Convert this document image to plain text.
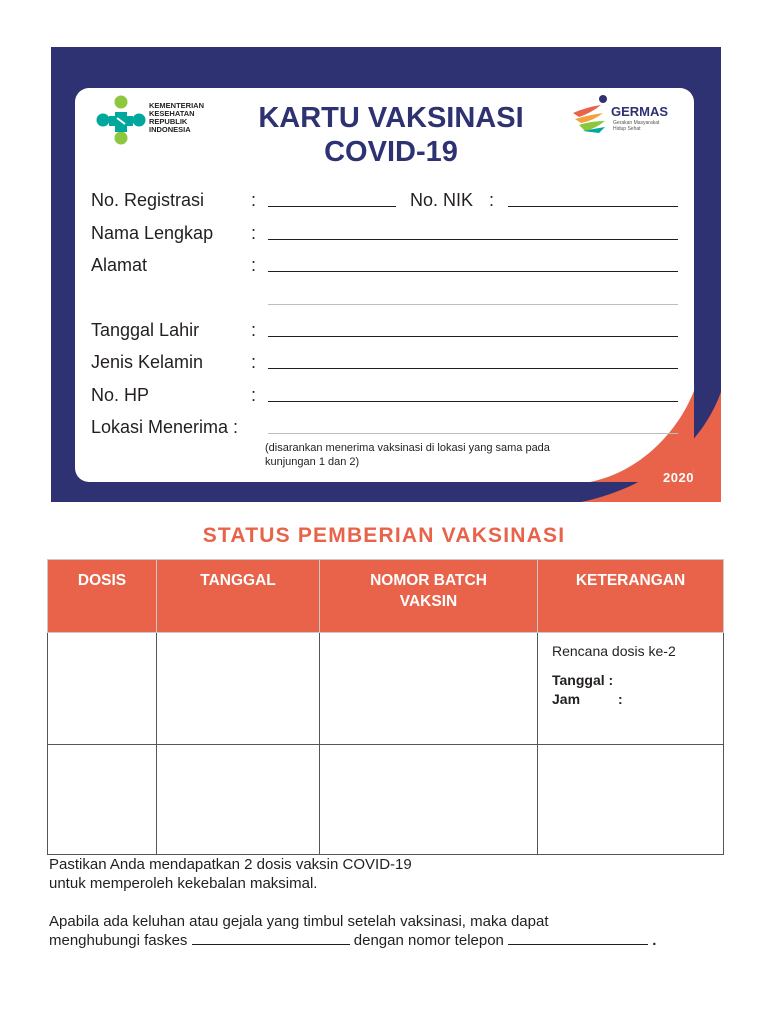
KEMENTERIAN
KESEHATAN
REPUBLIK
INDONESIA	KARTU VAKSINASI
COVID-19
GERMAS
Gerakan Masyarakat Hidup Sehat
No. Registrasi	:	No. NIK :
Nama Lengkap :
Alamat	:
Tanggal Lahir	:
Jenis Kelamin	:
No. HP	:
Lokasi Menerima :
(disarankan menerima vaksinasi di lokasi yang sama pada kunjungan 1 dan 2)
2020
STATUS PEMBERIAN VAKSINASI
DOSIS	TANGGAL	NOMOR BATCH VAKSIN	KETERANGAN

			Rencana dosis ke-2
Tanggal :
Jam :

Pastikan Anda mendapatkan 2 dosis vaksin COVID-19
untuk memperoleh kekebalan maksimal.
Apabila ada keluhan atau gejala yang timbul setelah vaksinasi, maka dapat
menghubungi faskes	dengan nomor telepon	.
